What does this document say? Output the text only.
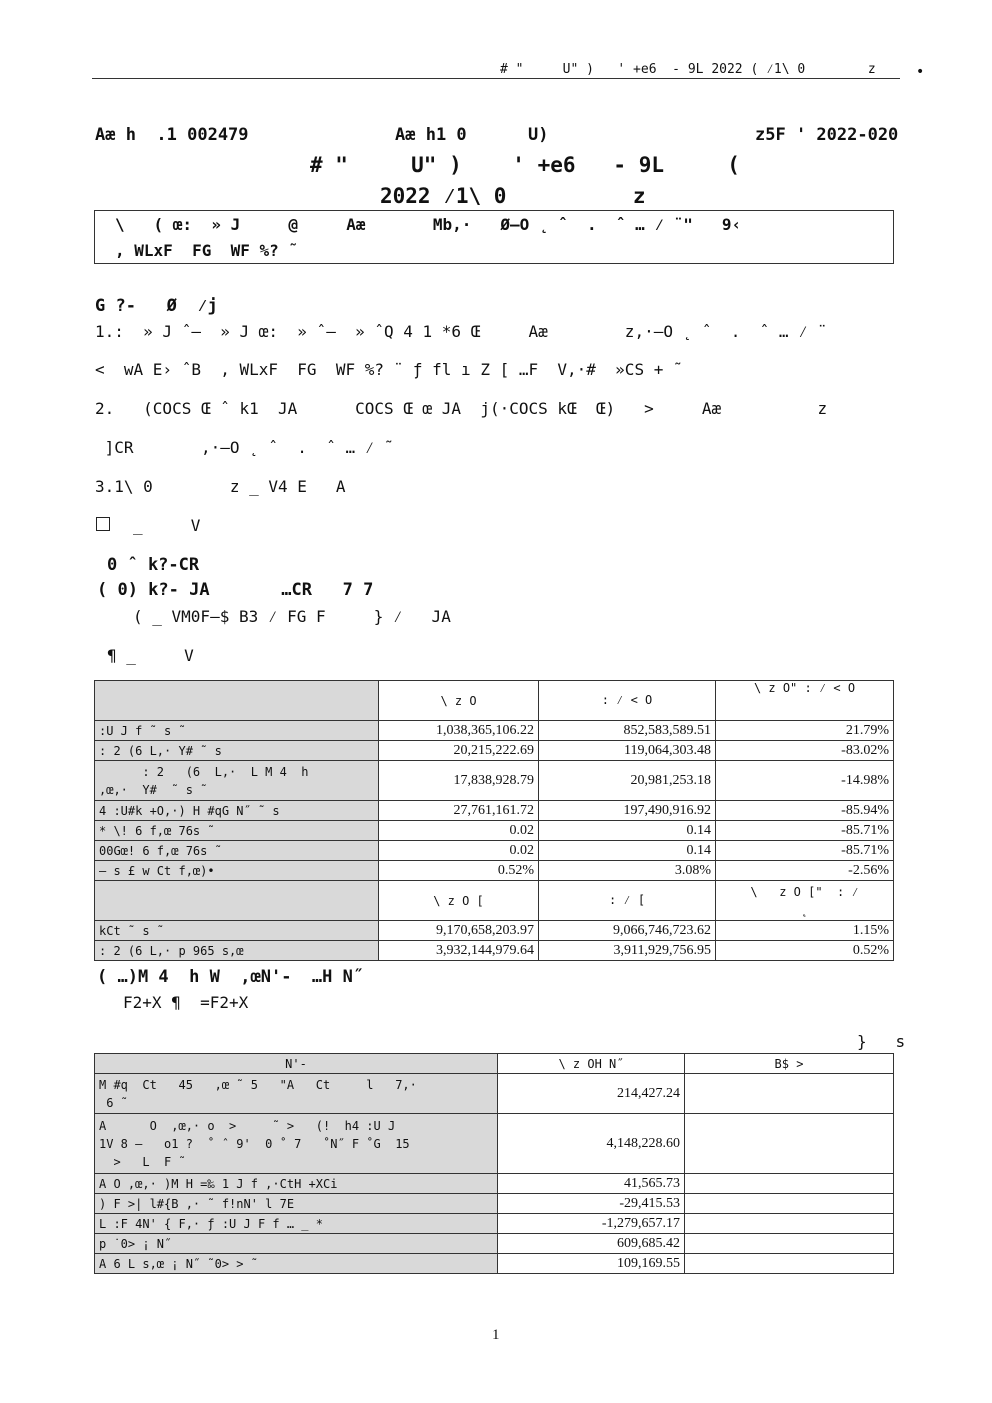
# "     U" )   ' +e6  - 9L 2022 ( ⁄1\ 0        z	•
Aæ h  .1 002479	Aæ h1 0      U)	z5F ' 2022-020
# "     U" )    ' +e6   - 9L     (
2022 ⁄1\ 0          z
\   ( œ:  » J     @     Aæ       Mb,·   Ø–O ˛ ˆ  .  ˆ … ⁄ ¨"   9‹
, WLxF  FG  WF %? ˜
G ?-   Ø  ⁄j
1.:  » J ˆ–  » J œ:  » ˆ–  » ˆQ 4 1 *6 Œ     Aæ        z,·–O ˛ ˆ  .  ˆ … ⁄ ¨
<  wA E› ˆB  , WLxF  FG  WF %? ¨ ƒ fl ı Z [ …F  V,·#  »CS + ˜
2.   (COCS Œ ˆ k1  JA      COCS Œ œ JA  j(·COCS kŒ  Œ)   >     Aæ          z
]CR       ,·–O ˛ ˆ  .  ˆ … ⁄ ˜
3.1\ 0        z _ V4 E   A
_     V
0 ˆ k?-CR
( 0) k?- JA       …CR   7 7
( _ VM0F–$ B3 ⁄ FG F     } ⁄   JA
¶ _     V
	\ z O	: ⁄ < O	\ z O" : ⁄ < O
:U J f ˜ s ˜	1,038,365,106.22	852,583,589.51	21.79%
: 2 (6 L,· Y# ˜ s	20,215,222.69	119,064,303.48	-83.02%

: 2   (6  L,·  L M 4  h
,œ,·  Y#  ˜ s ˜	17,838,928.79	20,981,253.18	-14.98%
4 :U#k +O,·) H #qG N˝ ˜ s	27,761,161.72	197,490,916.92	-85.94%
* \! 6 f,œ 76s ˜	0.02	0.14	-85.71%
00Gœ! 6 f,œ 76s ˜	0.02	0.14	-85.71%
— s £ w Ct f,œ)•	0.52%	3.08%	-2.56%
	\ z O [	: ⁄ [	\   z O ["  : ⁄
˛

kCt ˜ s ˜	9,170,658,203.97	9,066,746,723.62	1.15%
: 2 (6 L,· p 965 s,œ	3,932,144,979.64	3,911,929,756.95	0.52%
( …)M 4  h W  ,œN'-  …H N˝
F2+X ¶  =F2+X
}   s
N'-	\ z OH N˝	B$ >

M #q  Ct   45   ,œ ˜ 5   "A   Ct     l   7,·
6 ˜	214,427.24	

A      O  ,œ,· o  >     ˜ >   (!  h4 :U J
1V 8 –   o1 ?  ˚ ˆ 9'  0 ˚ 7   ˚N˝ F ˚G  15
>   L  F ˜	4,148,228.60	
A O ,œ,· )M H =‰ 1 J f ,·CtH +XCi	41,565.73	
) F >| l#{B ,· ˜ f!nN' l 7E	-29,415.53	
L :F 4N' { F,· ƒ :U J F f … _ *	-1,279,657.17	
p ˙0> ¡ N˝	609,685.42	
A 6 L s,œ ¡ N˝ ˜0> > ˜	109,169.55	
1
